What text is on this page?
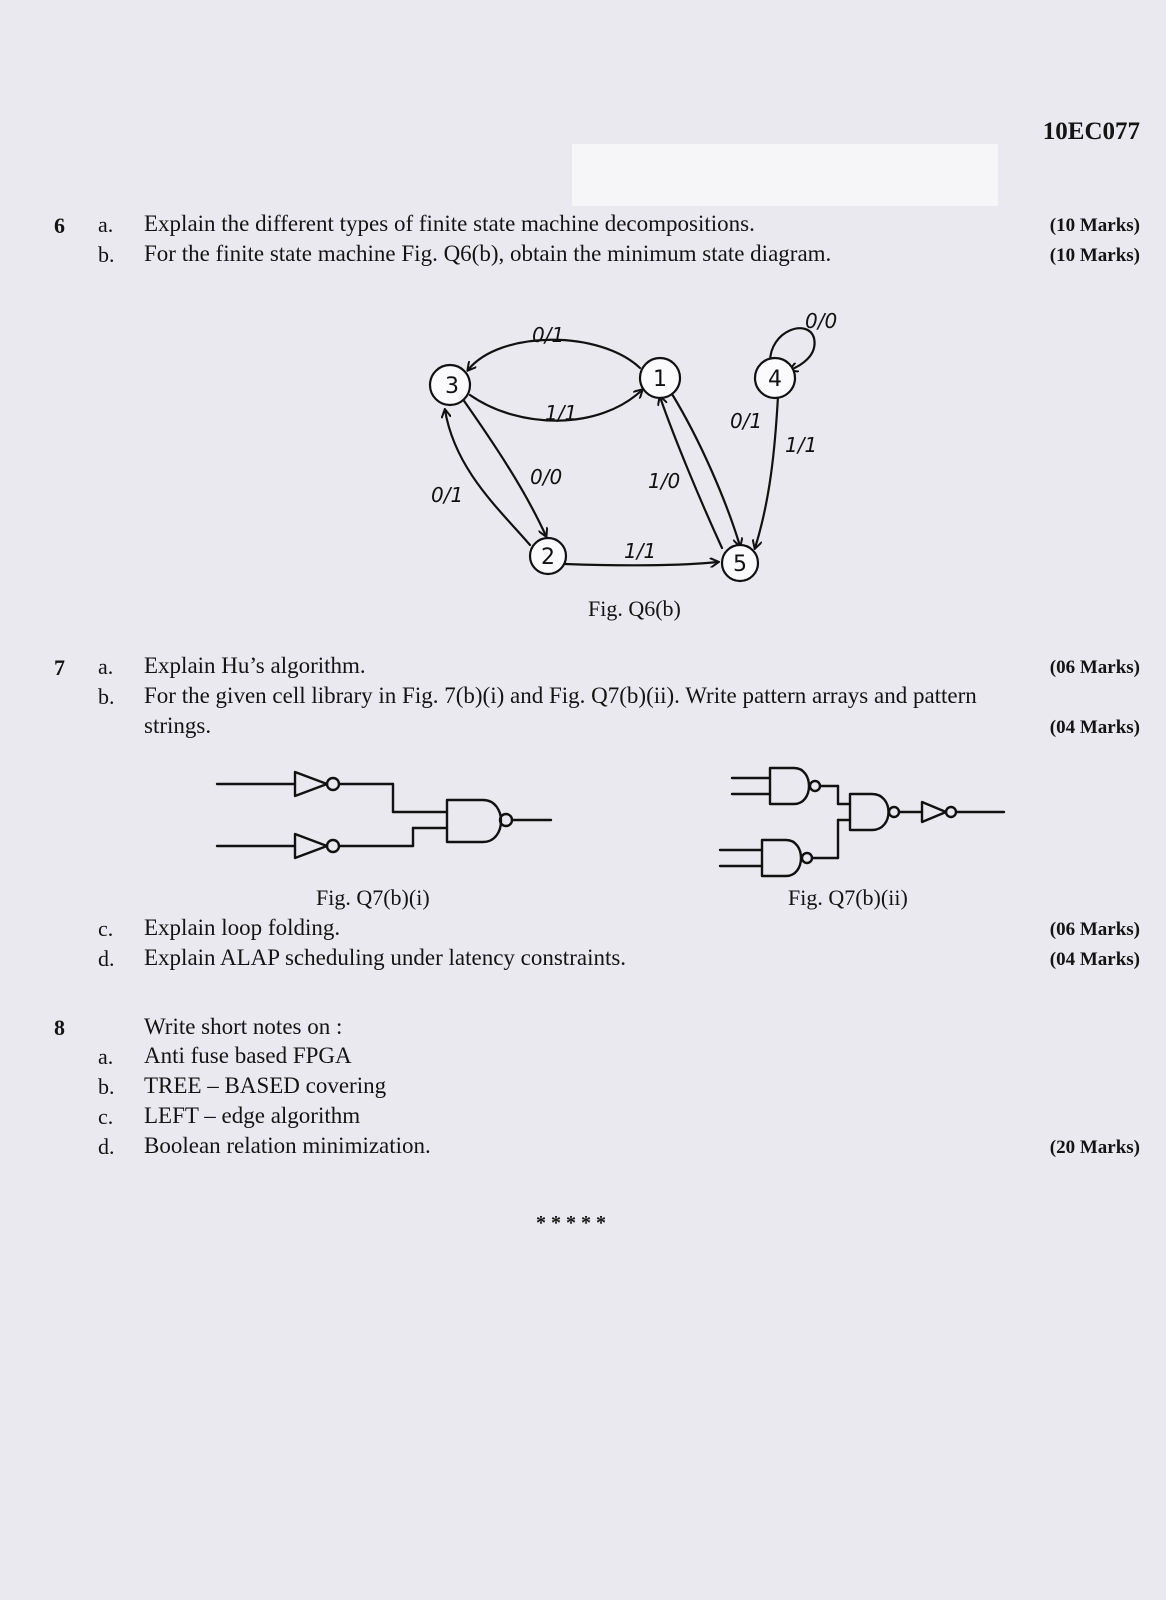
10EC077
6 a. Explain the different types of finite state machine decompositions.	(10 Marks)
b. For the finite state machine Fig. Q6(b), obtain the minimum state diagram.	(10 Marks)
3	1	4
2	5
0/1
1/1
0/0
0/1
0/0
1/0
0/1
1/1
1/1
Fig. Q6(b)
7 a. Explain Hu’s algorithm.	(06 Marks)
b. For the given cell library in Fig. 7(b)(i) and Fig. Q7(b)(ii). Write pattern arrays and pattern
strings.	(04 Marks)
Fig. Q7(b)(i)	Fig. Q7(b)(ii)
c. Explain loop folding.	(06 Marks)
d. Explain ALAP scheduling under latency constraints.	(04 Marks)
8	Write short notes on :
a. Anti fuse based FPGA
b. TREE – BASED covering
c. LEFT – edge algorithm
d. Boolean relation minimization.	(20 Marks)
* * * * *
